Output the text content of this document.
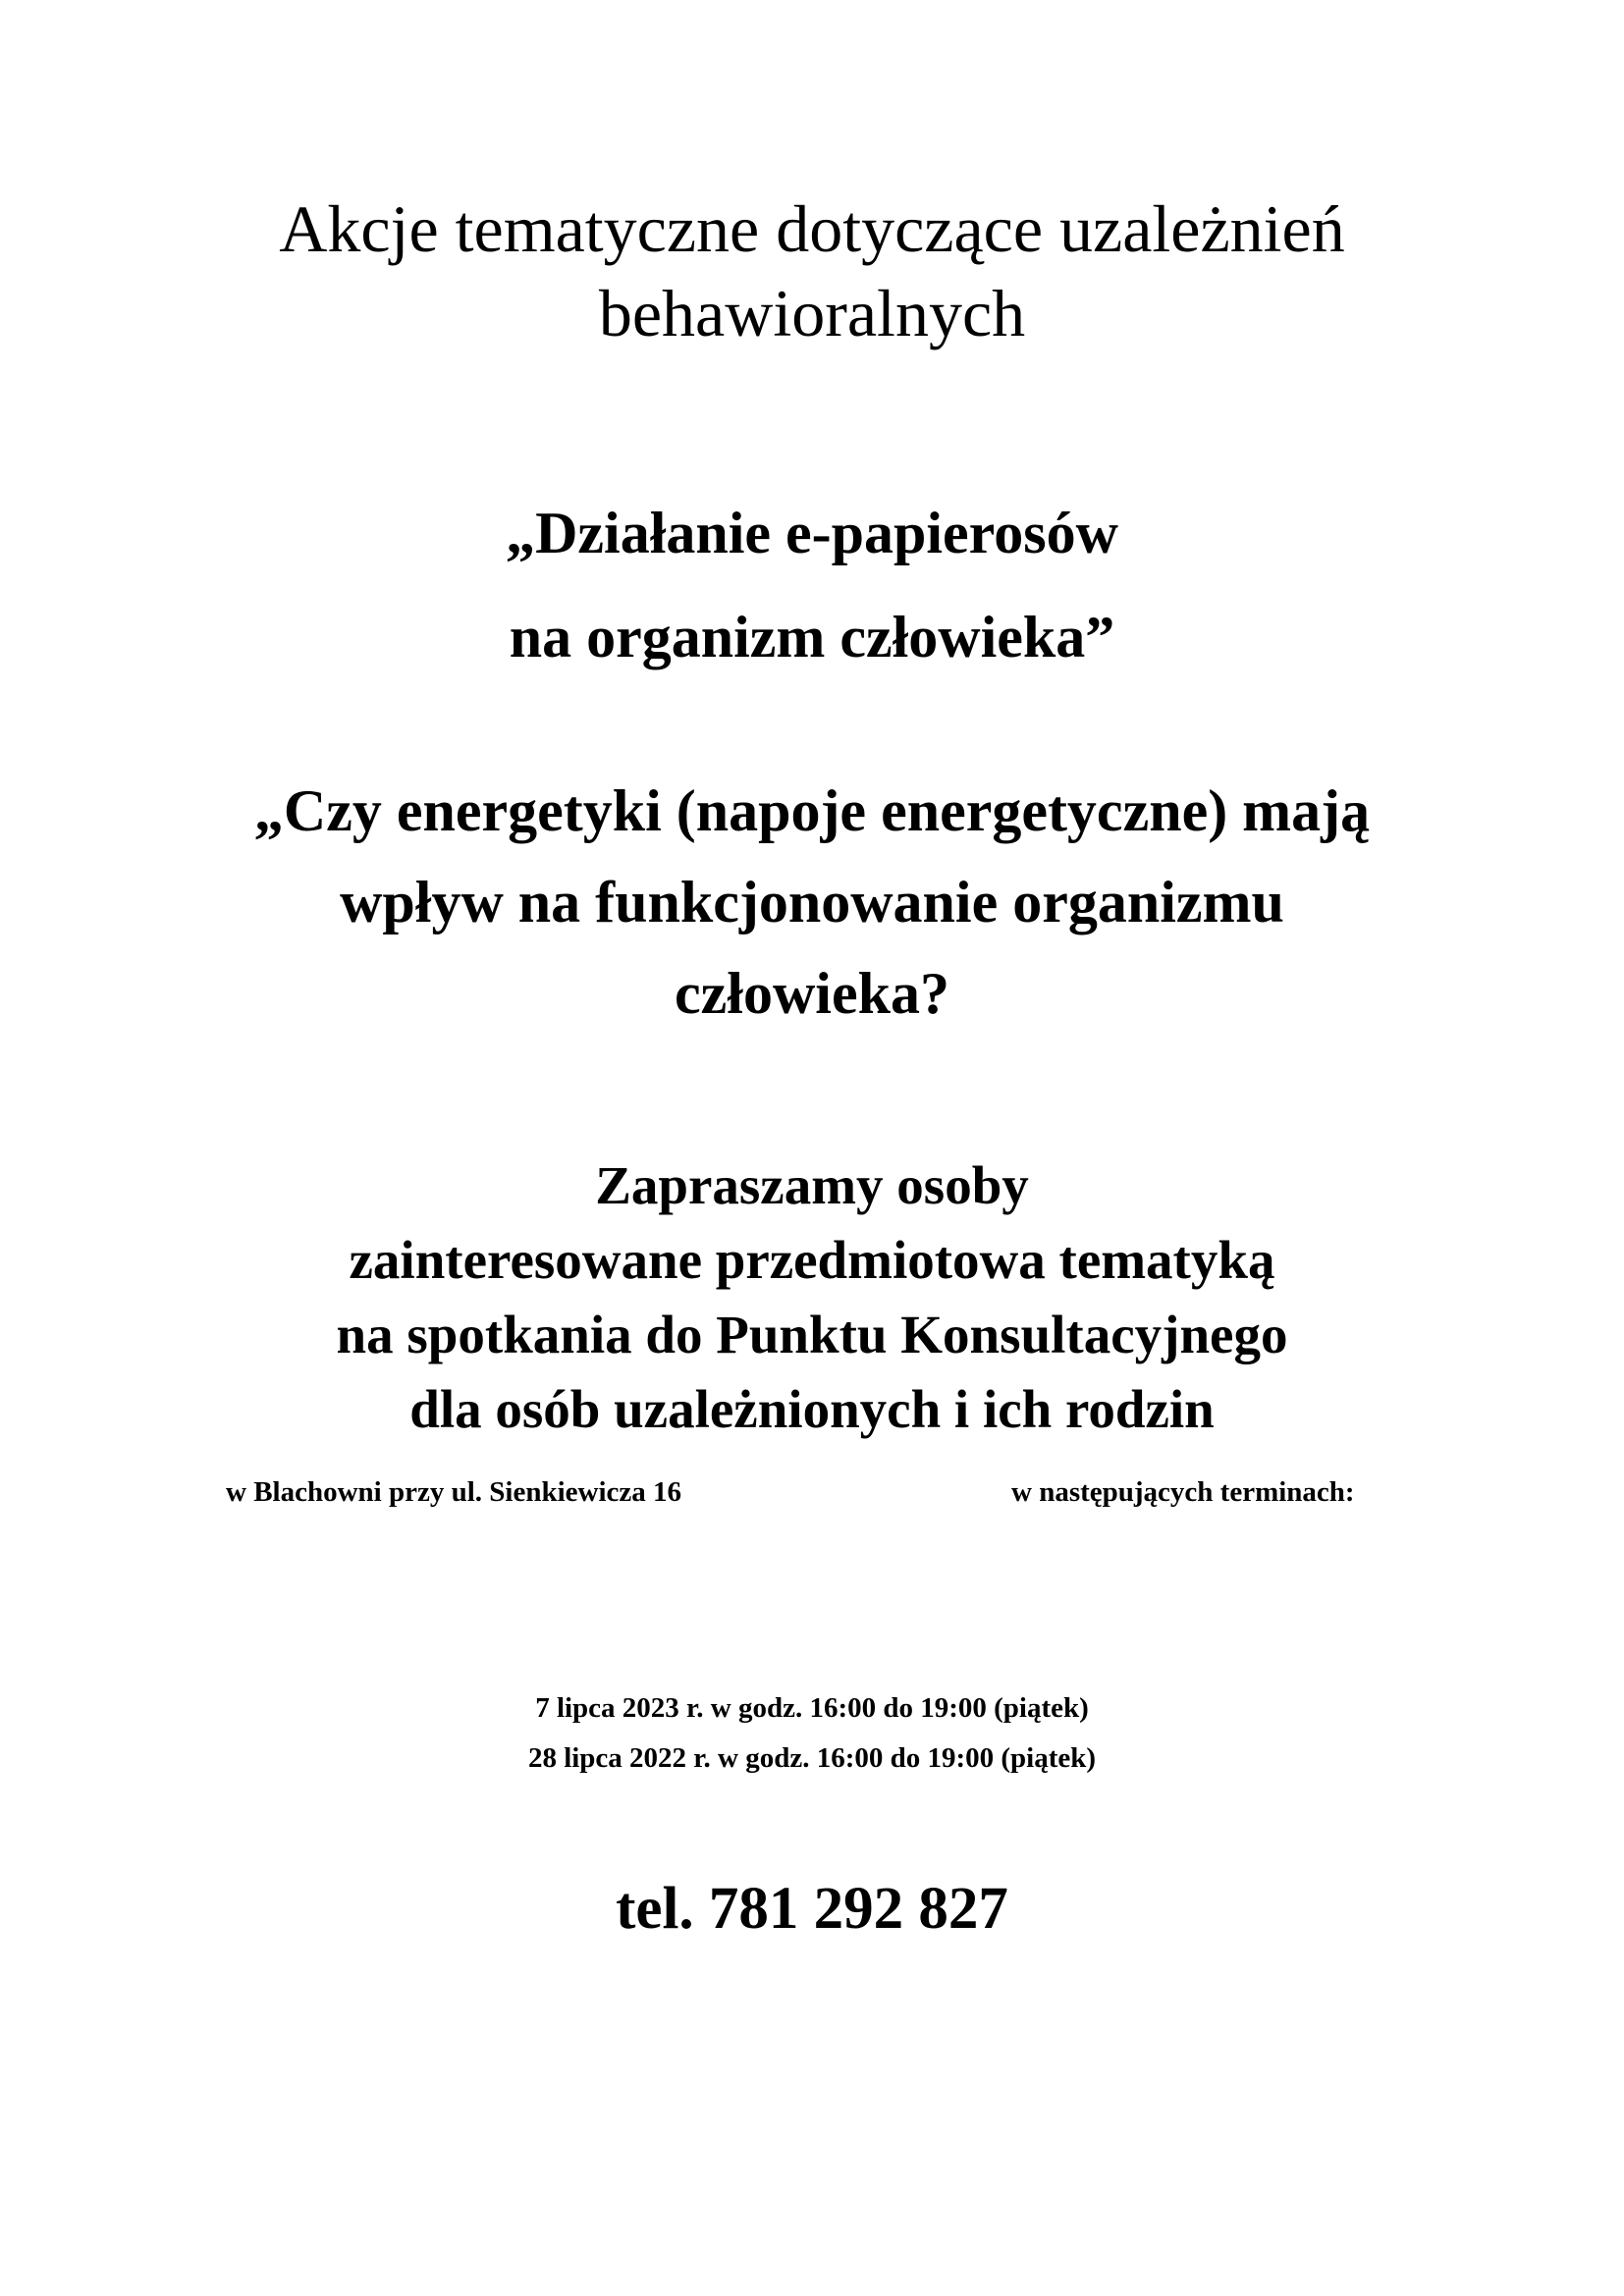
Akcje tematyczne dotyczące uzależnień
behawioralnych
„Działanie e-papierosów
na organizm człowieka”
„Czy energetyki (napoje energetyczne) mają
wpływ na funkcjonowanie organizmu
człowieka?
Zapraszamy osoby
zainteresowane przedmiotowa tematyką
na spotkania do Punktu Konsultacyjnego
dla osób uzależnionych i ich rodzin
w Blachowni przy ul. Sienkiewicza 16	w następujących terminach:
7 lipca 2023 r. w godz. 16:00 do 19:00 (piątek)
28 lipca 2022 r. w godz. 16:00 do 19:00 (piątek)
tel. 781 292 827
